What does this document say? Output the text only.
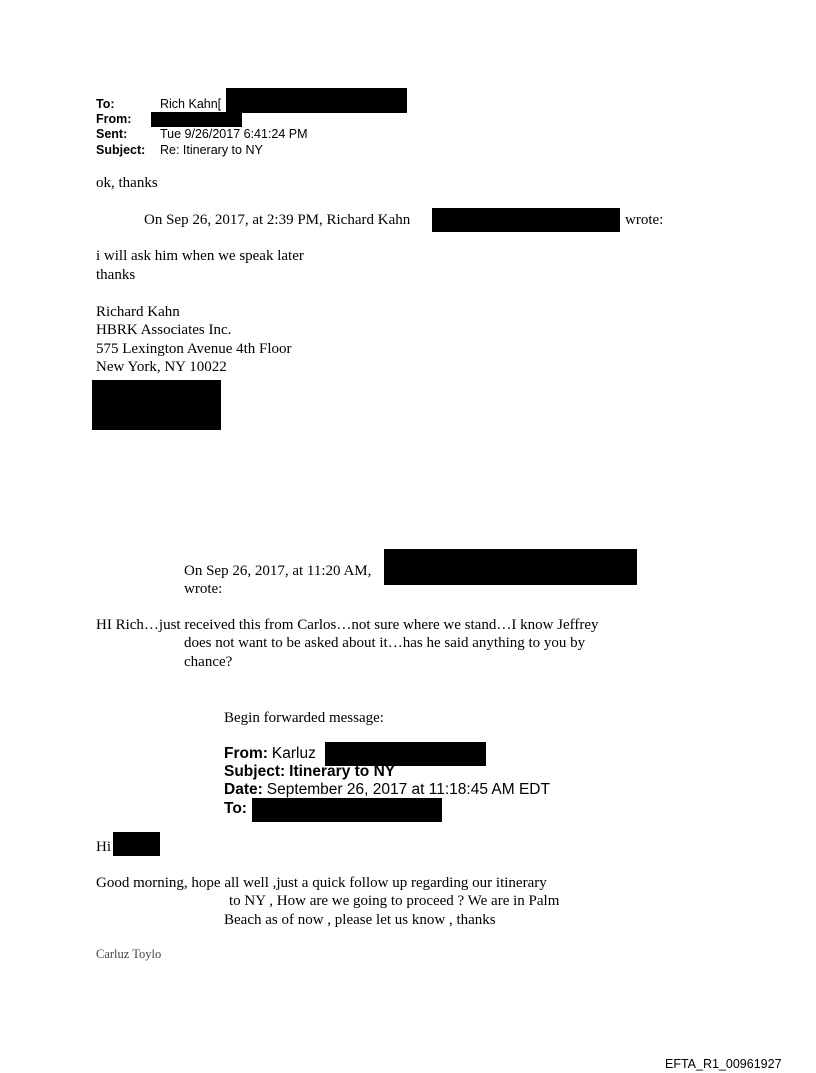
To:	Rich Kahn[
From:
Sent:	Tue 9/26/2017 6:41:24 PM
Subject: Re: Itinerary to NY
ok, thanks
On Sep 26, 2017, at 2:39 PM, Richard Kahn	wrote:
i will ask him when we speak later
thanks
Richard Kahn
HBRK Associates Inc.
575 Lexington Avenue 4th Floor
New York, NY 10022
On Sep 26, 2017, at 11:20 AM,
wrote:
HI Rich…just received this from Carlos…not sure where we stand…I know Jeffrey
does not want to be asked about it…has he said anything to you by
chance?
Begin forwarded message:
From: Karluz
Subject: Itinerary to NY
Date: September 26, 2017 at 11:18:45 AM EDT
To:
Hi
Good morning, hope all well ,just a quick follow up regarding our itinerary
to NY , How are we going to proceed ? We are in Palm
Beach as of now , please let us know , thanks
Carluz Toylo
EFTA_R1_00961927
